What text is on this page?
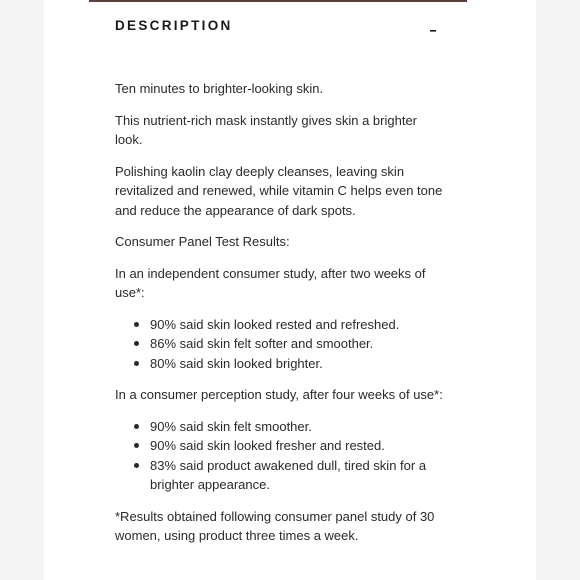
DESCRIPTION

Ten minutes to brighter-looking skin.

This nutrient-rich mask instantly gives skin a brighter look.

Polishing kaolin clay deeply cleanses, leaving skin revitalized and renewed, while vitamin C helps even tone and reduce the appearance of dark spots.

Consumer Panel Test Results:

In an independent consumer study, after two weeks of use*:

90% said skin looked rested and refreshed.
86% said skin felt softer and smoother.
80% said skin looked brighter.

In a consumer perception study, after four weeks of use*:

90% said skin felt smoother.
90% said skin looked fresher and rested.
83% said product awakened dull, tired skin for a brighter appearance.

*Results obtained following consumer panel study of 30 women, using product three times a week.
